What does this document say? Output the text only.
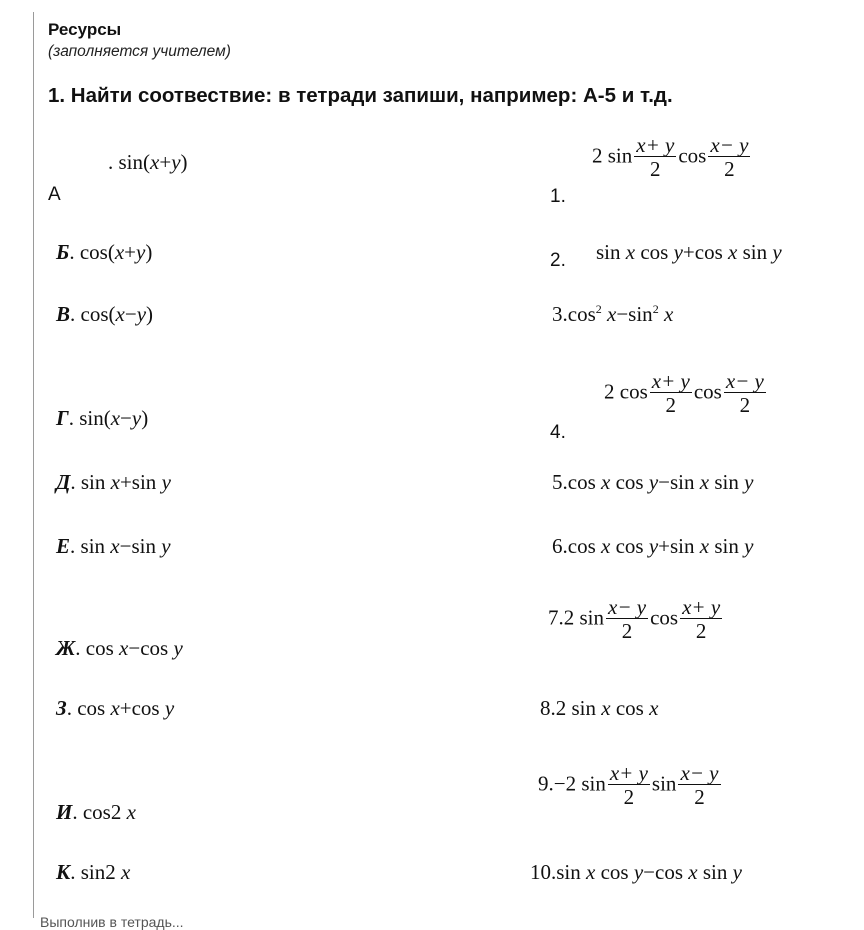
Ресурсы
(заполняется учителем)
1. Найти соотвествие: в тетради запиши, например: А-5 и т.д.
. sin(x+y)
А
Б. cos(x+y)
В. cos(x−y)
Г. sin(x−y)
Д. sin x+sin y
Е. sin x−sin y
Ж. cos x−cos y
З. cos x+cos y
И. cos2 x
К. sin2 x
1.
2 $\sin \frac{x+ y}{2}$ $\cos \frac{x- y}{2}$
2. sin x cos y+cos x sin y
$3.\cos^2$ $x-\sin^2$ x
4.
2 $\cos \frac{x+ y}{2}$ $\cos \frac{x- y}{2}$
5.cos x cos y−sin x sin y
6.cos x cos y+sin x sin y
7.2 $\sin \frac{x- y}{2}$ $\cos \frac{x+ y}{2}$
8.2 sin x cos x
9.−2 $\sin \frac{x+ y}{2}$ $\sin \frac{x- y}{2}$
10.sin x cos y−cos x sin y
Выполнив в тетрадь...
